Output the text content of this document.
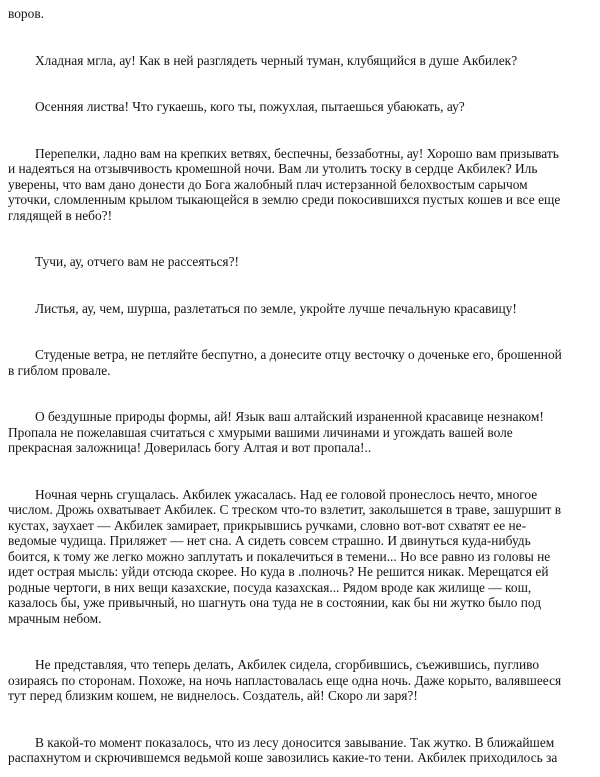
воров.
Хладная мгла, ау! Как в ней разглядеть черный туман, клубящийся в душе Акбилек?
Осенняя листва! Что гукаешь, кого ты, пожухлая, пытаешься убаюкать, ау?
Перепелки, ладно вам на крепких ветвях, беспечны, беззаботны, ау! Хорошо вам призывать
и надеяться на отзывчивость кромешной ночи. Вам ли утолить тоску в сердце Акбилек? Иль
уверены, что вам дано донести до Бога жалобный плач истерзанной белохвостым сарычом
уточки, сломленным крылом тыкающейся в землю среди покосившихся пустых кошев и все еще
глядящей в небо?!
Тучи, ау, отчего вам не рассеяться?!
Листья, ау, чем, шурша, разлетаться по земле, укройте лучше печальную красавицу!
Студеные ветра, не петляйте беспутно, а донесите отцу весточку о доченьке его, брошенной
в гиблом провале.
О бездушные природы формы, ай! Язык ваш алтайский израненной красавице незнаком!
Пропала не пожелавшая считаться с хмурыми вашими личинами и угождать вашей воле
прекрасная заложница! Доверилась богу Алтая и вот пропала!..
Ночная чернь сгущалась. Акбилек ужасалась. Над ее головой пронеслось нечто, многое
числом. Дрожь охватывает Акбилек. С треском что-то взлетит, заколышется в траве, зашуршит в
кустах, заухает — Акбилек замирает, прикрывшись ручками, словно вот-вот схватят ее не-
ведомые чудища. Приляжет — нет сна. А сидеть совсем страшно. И двинуться куда-нибудь
боится, к тому же легко можно заплутать и покалечиться в темени... Но все равно из головы не
идет острая мысль: уйди отсюда скорее. Но куда в .полночь? Не решится никак. Мерещатся ей
родные чертоги, в них вещи казахские, посуда казахская... Рядом вроде как жилище — кош,
казалось бы, уже привычный, но шагнуть она туда не в состоянии, как бы ни жутко было под
мрачным небом.
Не представляя, что теперь делать, Акбилек сидела, сгорбившись, съежившись, пугливо
озираясь по сторонам. Похоже, на ночь напластовалась еще одна ночь. Даже корыто, валявшееся
тут перед близким кошем, не виднелось. Создатель, ай! Скоро ли заря?!
В какой-то момент показалось, что из лесу доносится завывание. Так жутко. В ближайшем
распахнутом и скрючившемся ведьмой коше завозились какие-то тени. Акбилек приходилось за
